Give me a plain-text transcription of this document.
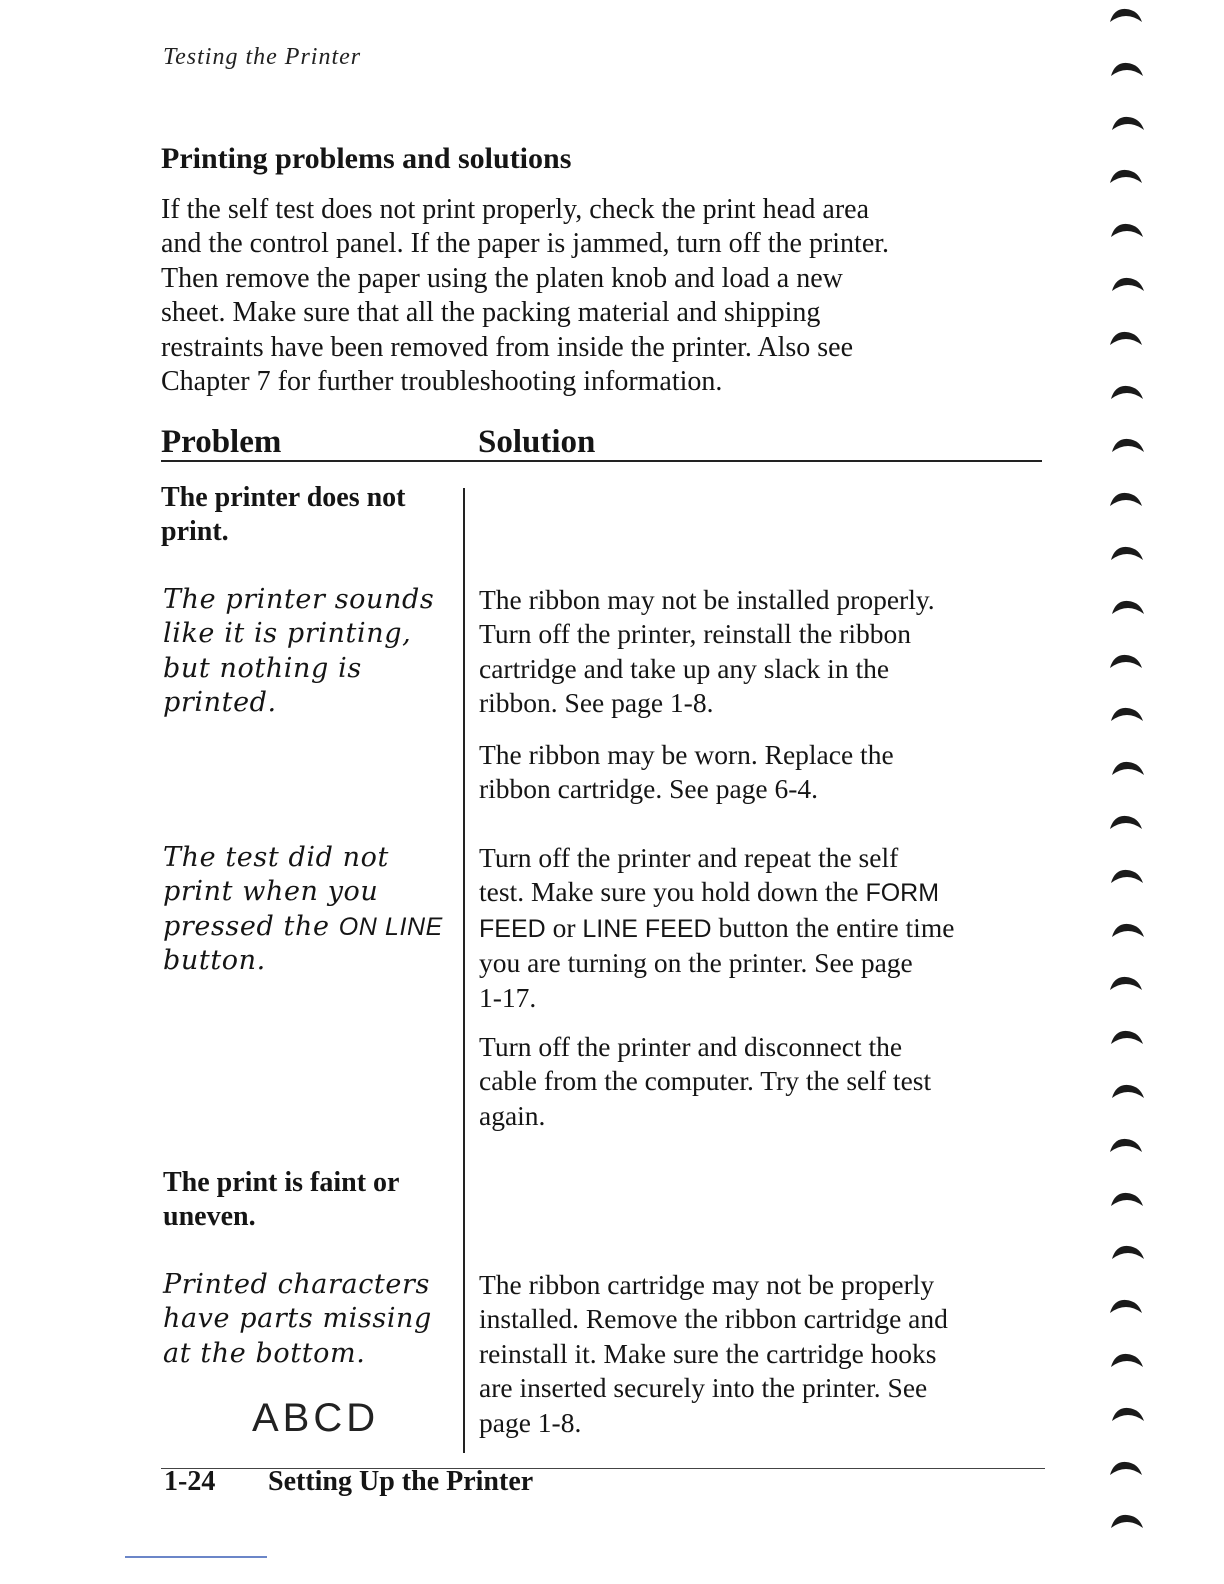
Testing the Printer
Printing problems and solutions

If the self test does not print properly, check the print head area
and the control panel. If the paper is jammed, turn off the printer.
Then remove the paper using the platen knob and load a new
sheet. Make sure that all the packing material and shipping
restraints have been removed from inside the printer. Also see
Chapter 7 for further troubleshooting information.

Problem	Solution

The printer does not
print.

The printer sounds
like it is printing,
but nothing is
printed.

The ribbon may not be installed properly.
Turn off the printer, reinstall the ribbon
cartridge and take up any slack in the
ribbon. See page 1-8.

The ribbon may be worn. Replace the
ribbon cartridge. See page 6-4.

The test did not
print when you
pressed the ON LINE
button.

Turn off the printer and repeat the self
test. Make sure you hold down the FORM
FEED or LINE FEED button the entire time
you are turning on the printer. See page
1-17.

Turn off the printer and disconnect the
cable from the computer. Try the self test
again.

The print is faint or
uneven.

Printed characters
have parts missing
at the bottom.

ABCD

The ribbon cartridge may not be properly
installed. Remove the ribbon cartridge and
reinstall it. Make sure the cartridge hooks
are inserted securely into the printer. See
page 1-8.

1-24 Setting Up the Printer
